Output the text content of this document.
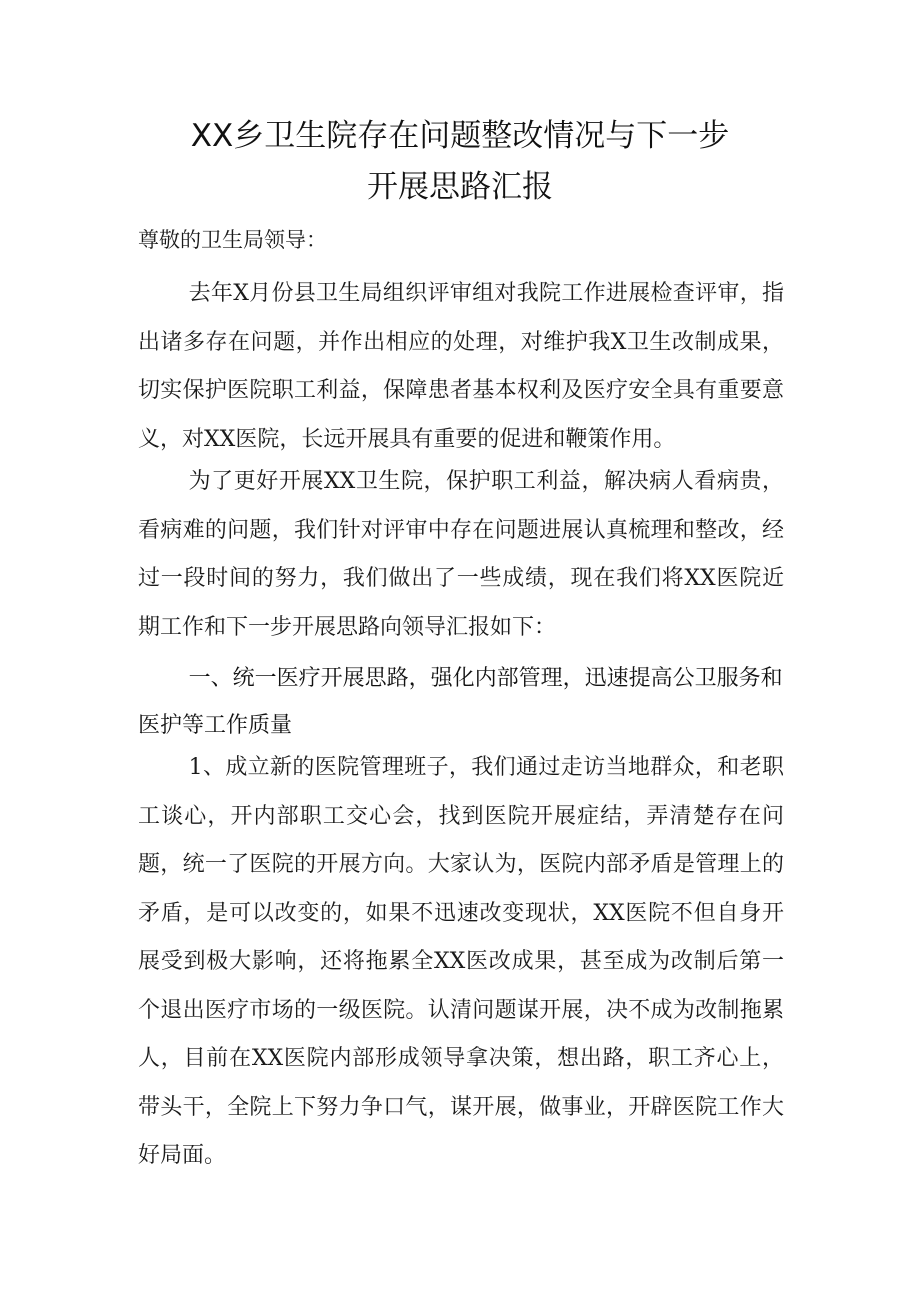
XX乡卫生院存在问题整改情况与下一步
开展思路汇报
尊敬的卫生局领导：

去年X月份县卫生局组织评审组对我院工作进展检查评审，指出诸多存在问题，并作出相应的处理，对维护我X卫生改制成果，切实保护医院职工利益，保障患者基本权利及医疗安全具有重要意义，对XX医院，长远开展具有重要的促进和鞭策作用。

为了更好开展XX卫生院，保护职工利益，解决病人看病贵，看病难的问题，我们针对评审中存在问题进展认真梳理和整改，经过一段时间的努力，我们做出了一些成绩，现在我们将XX医院近期工作和下一步开展思路向领导汇报如下：

一、统一医疗开展思路，强化内部管理，迅速提高公卫服务和医护等工作质量

1、成立新的医院管理班子，我们通过走访当地群众，和老职工谈心，开内部职工交心会，找到医院开展症结，弄清楚存在问题，统一了医院的开展方向。大家认为，医院内部矛盾是管理上的矛盾，是可以改变的，如果不迅速改变现状，XX医院不但自身开展受到极大影响，还将拖累全XX医改成果，甚至成为改制后第一个退出医疗市场的一级医院。认清问题谋开展，决不成为改制拖累人，目前在XX医院内部形成领导拿决策，想出路，职工齐心上，带头干，全院上下努力争口气，谋开展，做事业，开辟医院工作大好局面。
